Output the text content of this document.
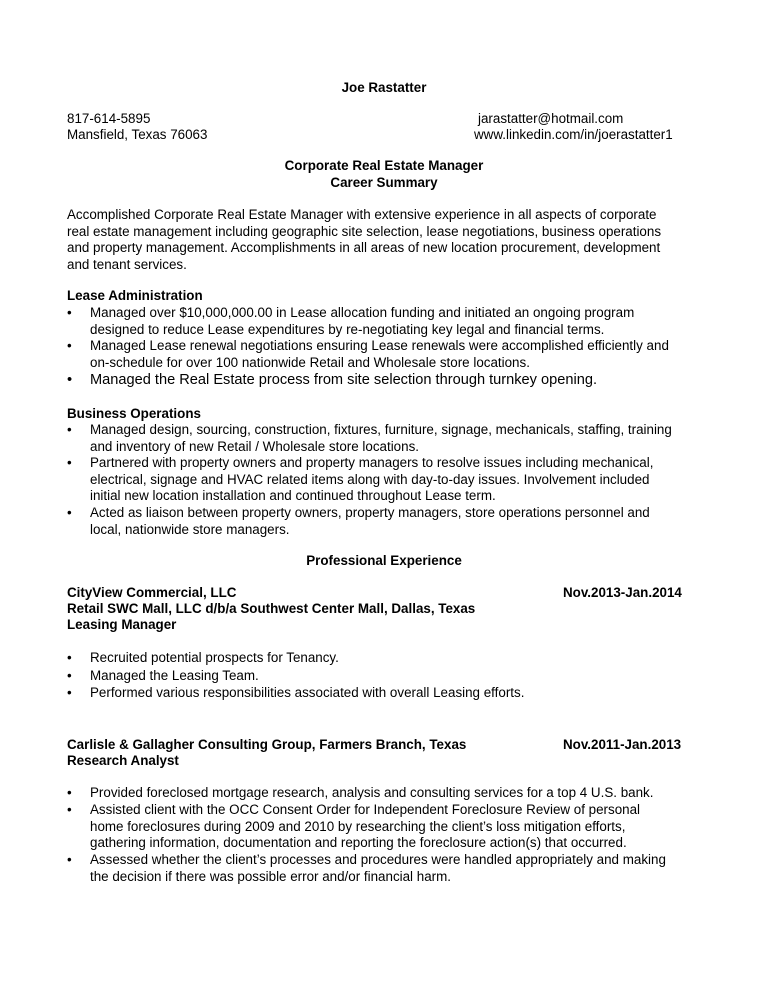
Joe Rastatter
817-614-5895
Mansfield, Texas 76063
jarastatter@hotmail.com
www.linkedin.com/in/joerastatter1
Corporate Real Estate Manager
Career Summary
Accomplished Corporate Real Estate Manager with extensive experience in all aspects of corporate
real estate management including geographic site selection, lease negotiations, business operations
and property management. Accomplishments in all areas of new location procurement, development
and tenant services.
Lease Administration
• Managed over $10,000,000.00 in Lease allocation funding and initiated an ongoing program
designed to reduce Lease expenditures by re-negotiating key legal and financial terms.
• Managed Lease renewal negotiations ensuring Lease renewals were accomplished efficiently and
on-schedule for over 100 nationwide Retail and Wholesale store locations.
• Managed the Real Estate process from site selection through turnkey opening.
Business Operations
• Managed design, sourcing, construction, fixtures, furniture, signage, mechanicals, staffing, training
and inventory of new Retail / Wholesale store locations.
• Partnered with property owners and property managers to resolve issues including mechanical,
electrical, signage and HVAC related items along with day-to-day issues. Involvement included
initial new location installation and continued throughout Lease term.
• Acted as liaison between property owners, property managers, store operations personnel and
local, nationwide store managers.
Professional Experience
CityView Commercial, LLC	Nov.2013-Jan.2014
Retail SWC Mall, LLC d/b/a Southwest Center Mall, Dallas, Texas
Leasing Manager
• Recruited potential prospects for Tenancy.
• Managed the Leasing Team.
• Performed various responsibilities associated with overall Leasing efforts.
Carlisle & Gallagher Consulting Group, Farmers Branch, Texas	Nov.2011-Jan.2013
Research Analyst
• Provided foreclosed mortgage research, analysis and consulting services for a top 4 U.S. bank.
• Assisted client with the OCC Consent Order for Independent Foreclosure Review of personal
home foreclosures during 2009 and 2010 by researching the client’s loss mitigation efforts,
gathering information, documentation and reporting the foreclosure action(s) that occurred.
• Assessed whether the client’s processes and procedures were handled appropriately and making
the decision if there was possible error and/or financial harm.
